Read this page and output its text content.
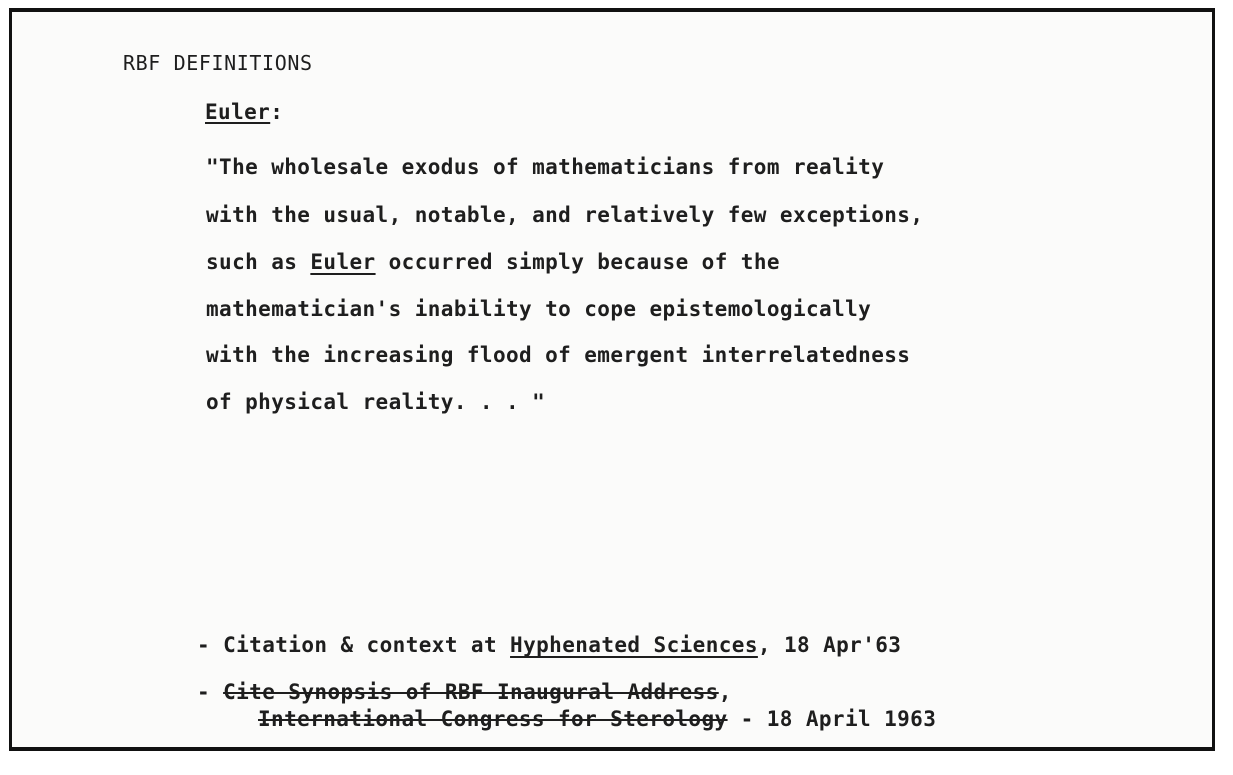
RBF DEFINITIONS
Euler:
"The wholesale exodus of mathematicians from reality
with the usual, notable, and relatively few exceptions,
such as Euler occurred simply because of the
mathematician's inability to cope epistemologically
with the increasing flood of emergent interrelatedness
of physical reality. . . "
- Citation & context at Hyphenated Sciences, 18 Apr'63
- Cite Synopsis of RBF Inaugural Address,
International Congress for Sterology - 18 April 1963
